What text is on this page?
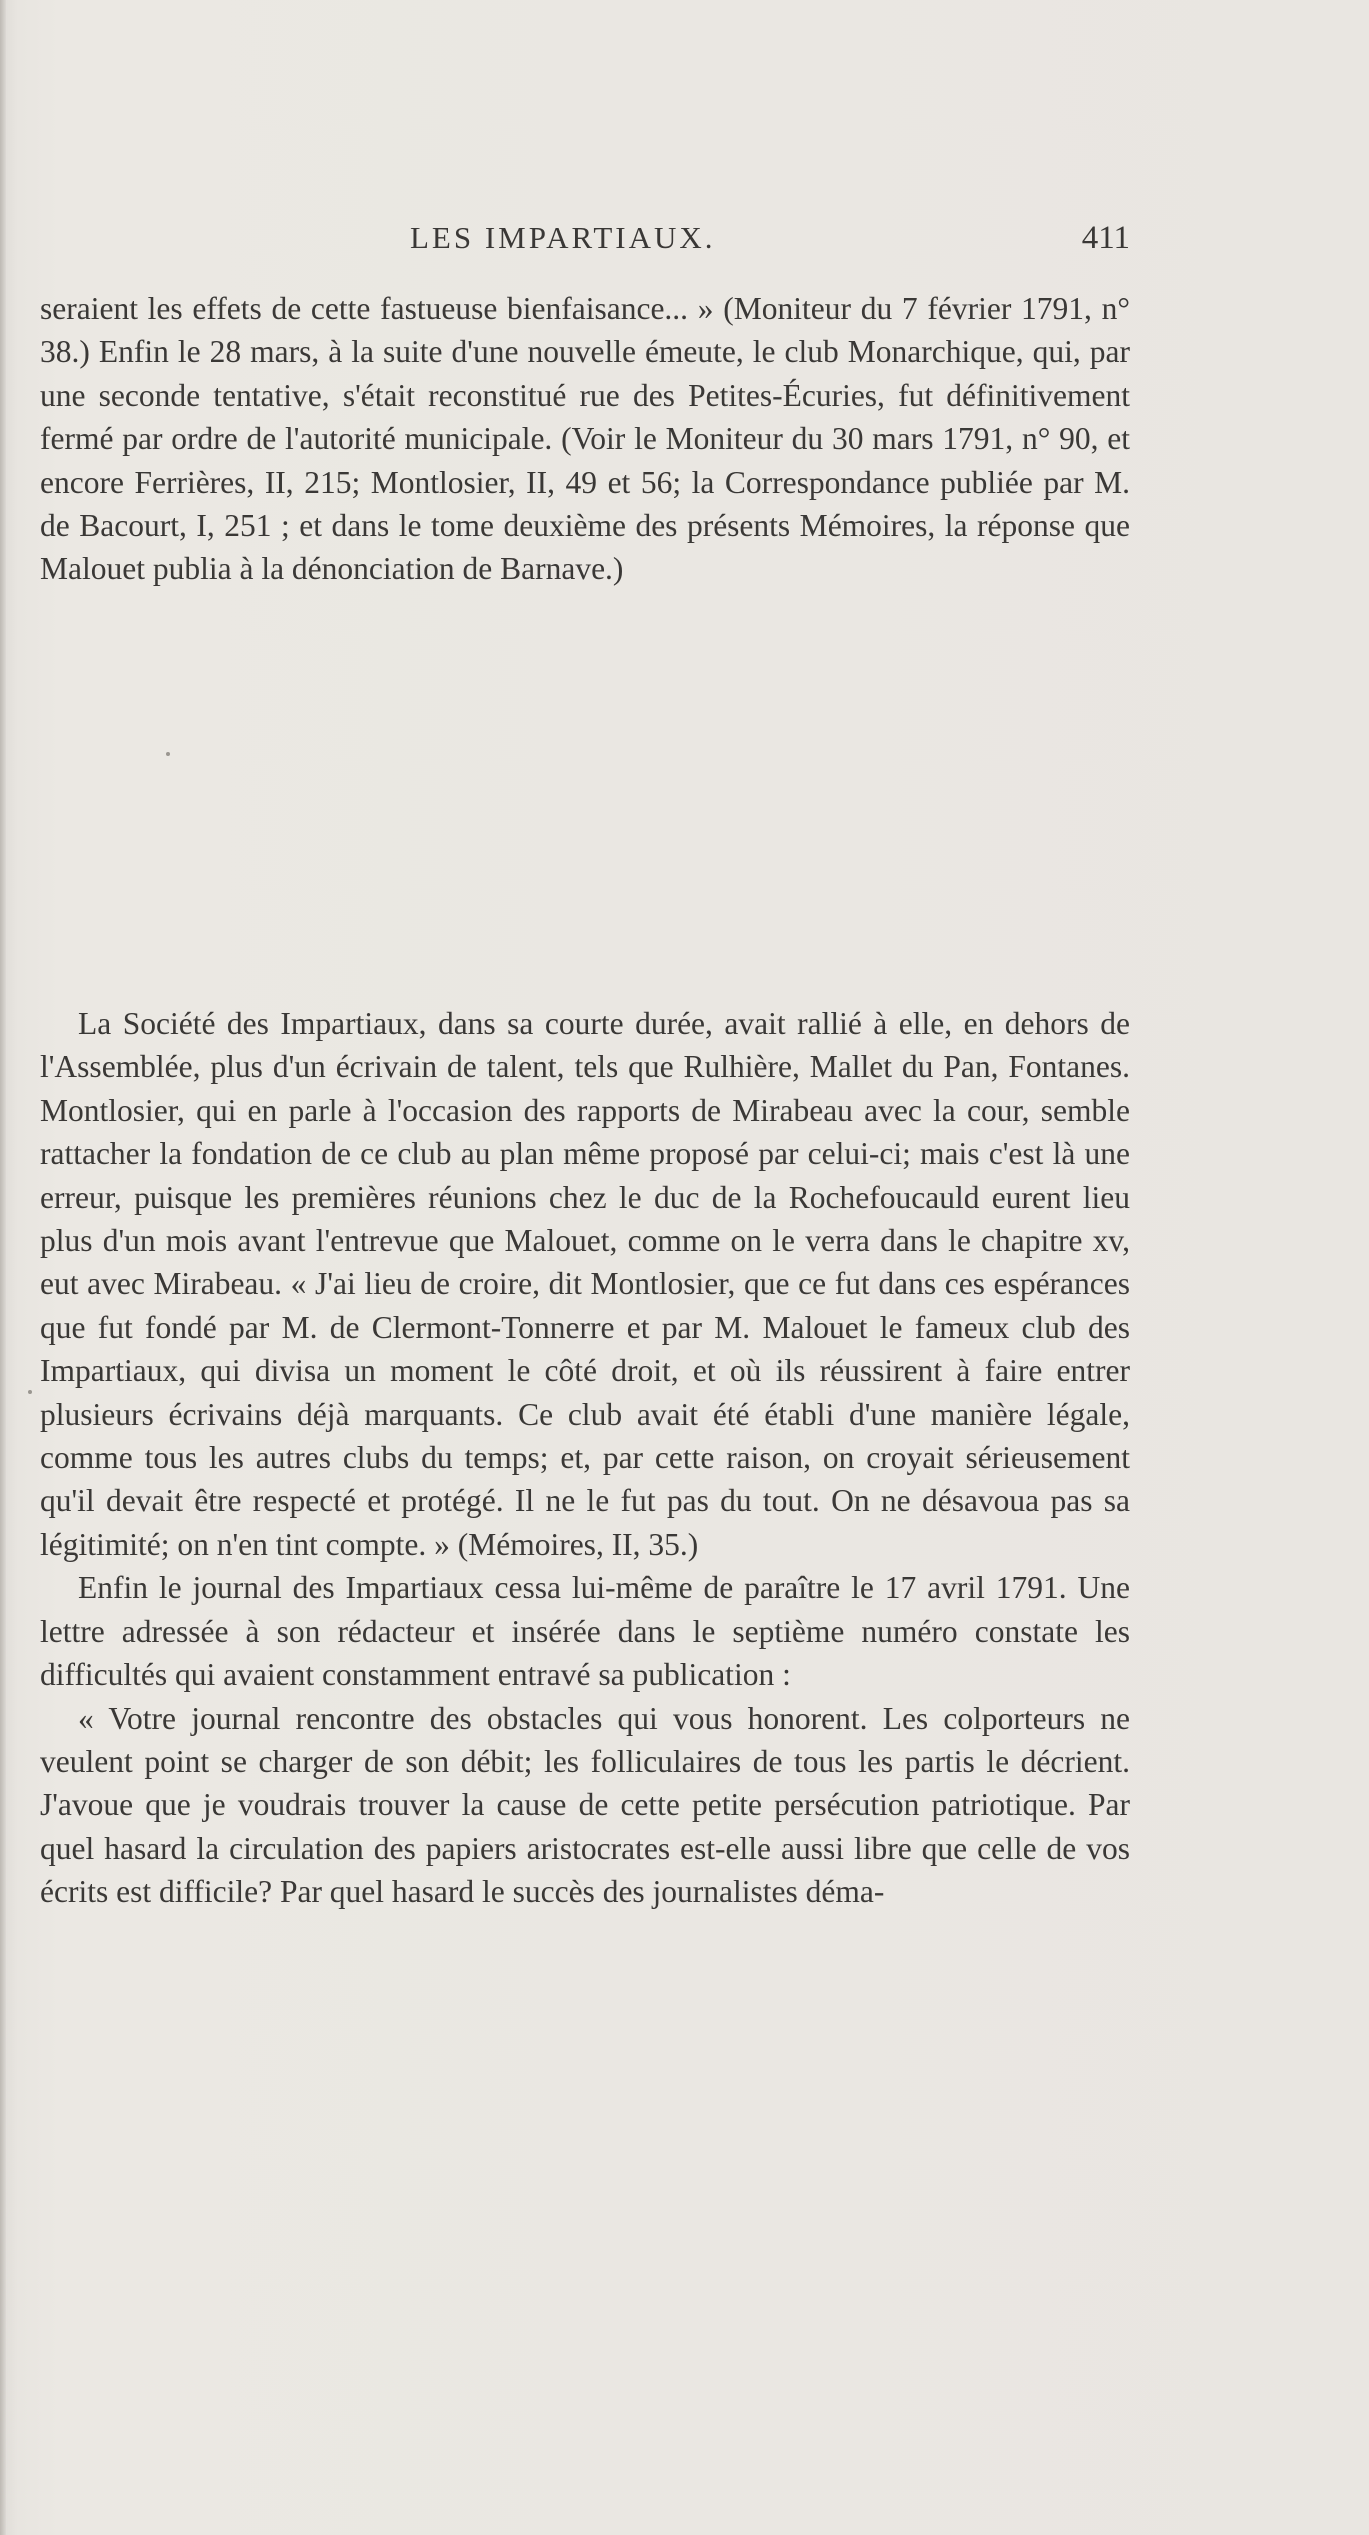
LES IMPARTIAUX.	411

seraient les effets de cette fastueuse bienfaisance... » (Moniteur du 7 février 1791, n° 38.) Enfin le 28 mars, à la suite d'une nouvelle émeute, le club Monarchique, qui, par une seconde tentative, s'était reconstitué rue des Petites-Écuries, fut définitivement fermé par ordre de l'autorité municipale. (Voir le Moniteur du 30 mars 1791, n° 90, et encore Ferrières, II, 215; Montlosier, II, 49 et 56; la Correspondance publiée par M. de Bacourt, I, 251 ; et dans le tome deuxième des présents Mémoires, la réponse que Malouet publia à la dénonciation de Barnave.)

La Société des Impartiaux, dans sa courte durée, avait rallié à elle, en dehors de l'Assemblée, plus d'un écrivain de talent, tels que Rulhière, Mallet du Pan, Fontanes. Montlosier, qui en parle à l'occasion des rapports de Mirabeau avec la cour, semble rattacher la fondation de ce club au plan même proposé par celui-ci; mais c'est là une erreur, puisque les premières réunions chez le duc de la Rochefoucauld eurent lieu plus d'un mois avant l'entrevue que Malouet, comme on le verra dans le chapitre xv, eut avec Mirabeau. « J'ai lieu de croire, dit Montlosier, que ce fut dans ces espérances que fut fondé par M. de Clermont-Tonnerre et par M. Malouet le fameux club des Impartiaux, qui divisa un moment le côté droit, et où ils réussirent à faire entrer plusieurs écrivains déjà marquants. Ce club avait été établi d'une manière légale, comme tous les autres clubs du temps; et, par cette raison, on croyait sérieusement qu'il devait être respecté et protégé. Il ne le fut pas du tout. On ne désavoua pas sa légitimité; on n'en tint compte. » (Mémoires, II, 35.)

Enfin le journal des Impartiaux cessa lui-même de paraître le 17 avril 1791. Une lettre adressée à son rédacteur et insérée dans le septième numéro constate les difficultés qui avaient constamment entravé sa publication :

« Votre journal rencontre des obstacles qui vous honorent. Les colporteurs ne veulent point se charger de son débit; les folliculaires de tous les partis le décrient. J'avoue que je voudrais trouver la cause de cette petite persécution patriotique. Par quel hasard la circulation des papiers aristocrates est-elle aussi libre que celle de vos écrits est difficile? Par quel hasard le succès des journalistes déma-
